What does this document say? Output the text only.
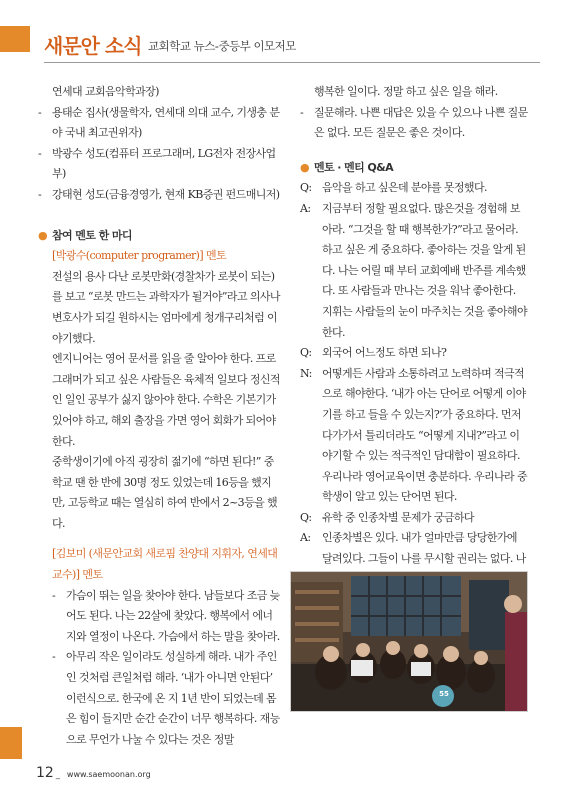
새문안 소식 교회학교 뉴스-중등부 이모저모

연세대 교회음악학과장)

- 용태순 집사(생물학자, 연세대 의대 교수, 기생충 분야 국내 최고권위자)
- 박광수 성도(컴퓨터 프로그래머, LG전자 전장사업부)
- 강태현 성도(금융경영가, 현재 KB증권 펀드매니저)
● 참여 멘토 한 마디

[박광수(computer programer)] 멘토

전설의 용사 다난 로봇만화(경찰차가 로봇이 되는)를 보고 “로봇 만드는 과학자가 될거야”라고 의사나 변호사가 되길 원하시는 엄마에게 청개구리처럼 이야기했다.

엔지니어는 영어 문서를 읽을 줄 알아야 한다. 프로그래머가 되고 싶은 사람들은 육체적 일보다 정신적인 일인 공부가 싫지 않아야 한다. 수학은 기본기가 있어야 하고, 해외 출장을 가면 영어 회화가 되어야 한다.

중학생이기에 아직 굉장히 젊기에 “하면 된다!” 중학교 땐 한 반에 30명 정도 있었는데 16등을 했지만, 고등학교 때는 열심히 하여 반에서 2~3등을 했다.

[김보미 (새문안교회 새로핌 찬양대 지휘자, 연세대 교수)] 멘토

- 가슴이 뛰는 일을 찾아야 한다. 남들보다 조금 늦어도 된다. 나는 22살에 찾았다. 행복에서 에너지와 열정이 나온다. 가슴에서 하는 말을 찾아라.
- 아무리 작은 일이라도 성실하게 해라. 내가 주인인 것처럼 큰일처럼 해라. ‘내가 아니면 안된다’ 이런식으로. 한국에 온 지 1년 반이 되었는데 몸은 힘이 들지만 순간 순간이 너무 행복하다. 재능으로 무언가 나눌 수 있다는 것은 정말

행복한 일이다. 정말 하고 싶은 일을 해라.

- 질문해라. 나쁜 대답은 있을 수 있으나 나쁜 질문은 없다. 모든 질문은 좋은 것이다.
● 멘토 · 멘티 Q&A
Q: 음악을 하고 싶은데 분야를 못정했다.
A: 지금부터 정할 필요없다. 많은것을 경험해 보아라. “그것을 할 때 행복한가?”라고 물어라. 하고 싶은 게 중요하다. 좋아하는 것을 알게 된다. 나는 어릴 때 부터 교회예배 반주를 계속했다. 또 사람들과 만나는 것을 워낙 좋아한다. 지휘는 사람들의 눈이 마주치는 것을 좋아해야 한다.
Q: 외국어 어느정도 하면 되나?
N: 어떻게든 사람과 소통하려고 노력하며 적극적으로 해야한다. ‘내가 아는 단어로 어떻게 이야기를 하고 들을 수 있는지?’가 중요하다. 먼저 다가가서 틀리더라도 “어떻게 지내?”라고 이야기할 수 있는 적극적인 담대함이 필요하다. 우리나라 영어교육이면 충분하다. 우리나라 중학생이 알고 있는 단어면 된다.
Q: 유학 중 인종차별 문제가 궁금하다
A: 인종차별은 있다. 내가 얼마만큼 당당한가에 달려있다. 그들이 나를 무시할 권리는 없다. 나
55
12 _ www.saemoonan.org
